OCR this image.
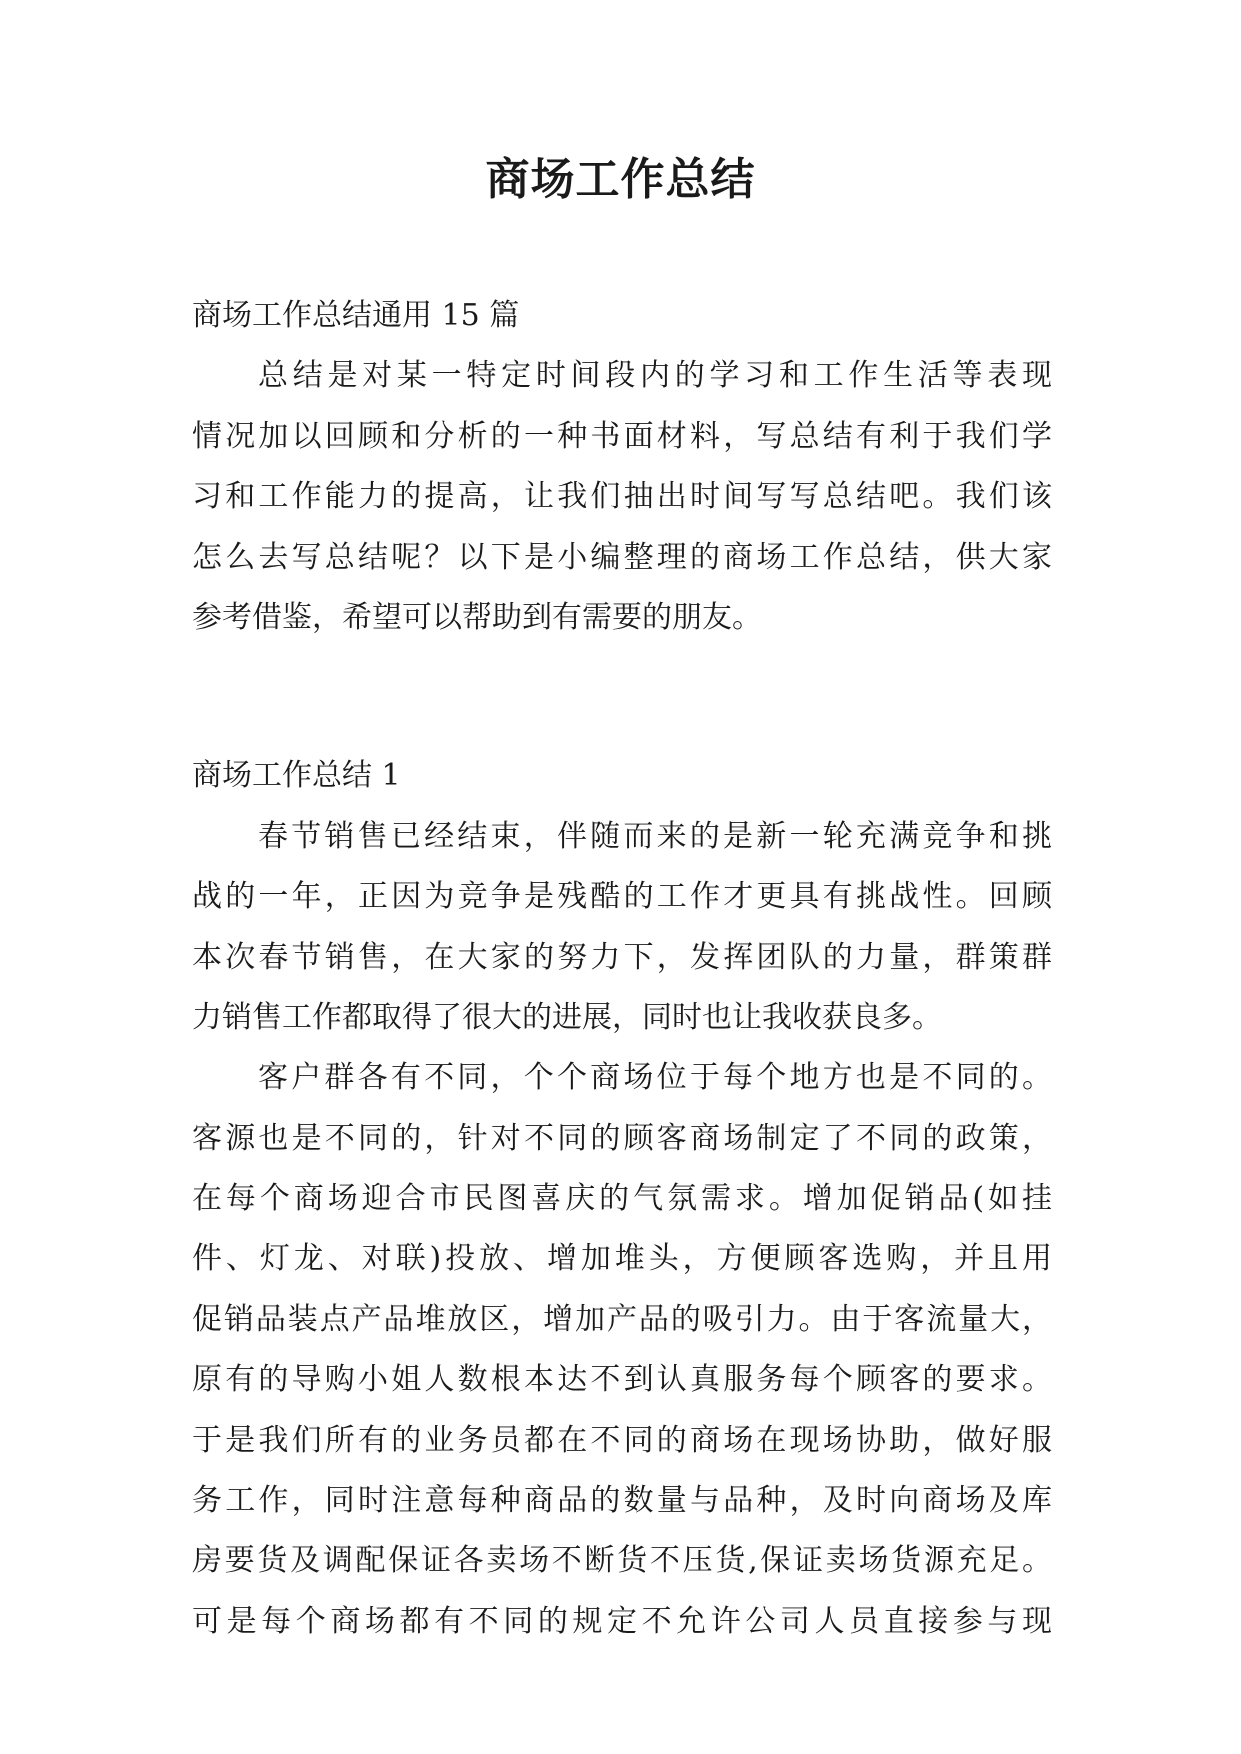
商场工作总结
商场工作总结通用 15 篇
总结是对某一特定时间段内的学习和工作生活等表现
情况加以回顾和分析的一种书面材料，写总结有利于我们学
习和工作能力的提高，让我们抽出时间写写总结吧。我们该
怎么去写总结呢？以下是小编整理的商场工作总结，供大家
参考借鉴，希望可以帮助到有需要的朋友。
商场工作总结 1
春节销售已经结束，伴随而来的是新一轮充满竞争和挑
战的一年，正因为竞争是残酷的工作才更具有挑战性。回顾
本次春节销售，在大家的努力下，发挥团队的力量，群策群
力销售工作都取得了很大的进展，同时也让我收获良多。
客户群各有不同，个个商场位于每个地方也是不同的。
客源也是不同的，针对不同的顾客商场制定了不同的政策，
在每个商场迎合市民图喜庆的气氛需求。增加促销品(如挂
件、灯龙、对联)投放、增加堆头，方便顾客选购，并且用
促销品装点产品堆放区，增加产品的吸引力。由于客流量大，
原有的导购小姐人数根本达不到认真服务每个顾客的要求。
于是我们所有的业务员都在不同的商场在现场协助，做好服
务工作，同时注意每种商品的数量与品种，及时向商场及库
房要货及调配保证各卖场不断货不压货,保证卖场货源充足。
可是每个商场都有不同的规定不允许公司人员直接参与现
